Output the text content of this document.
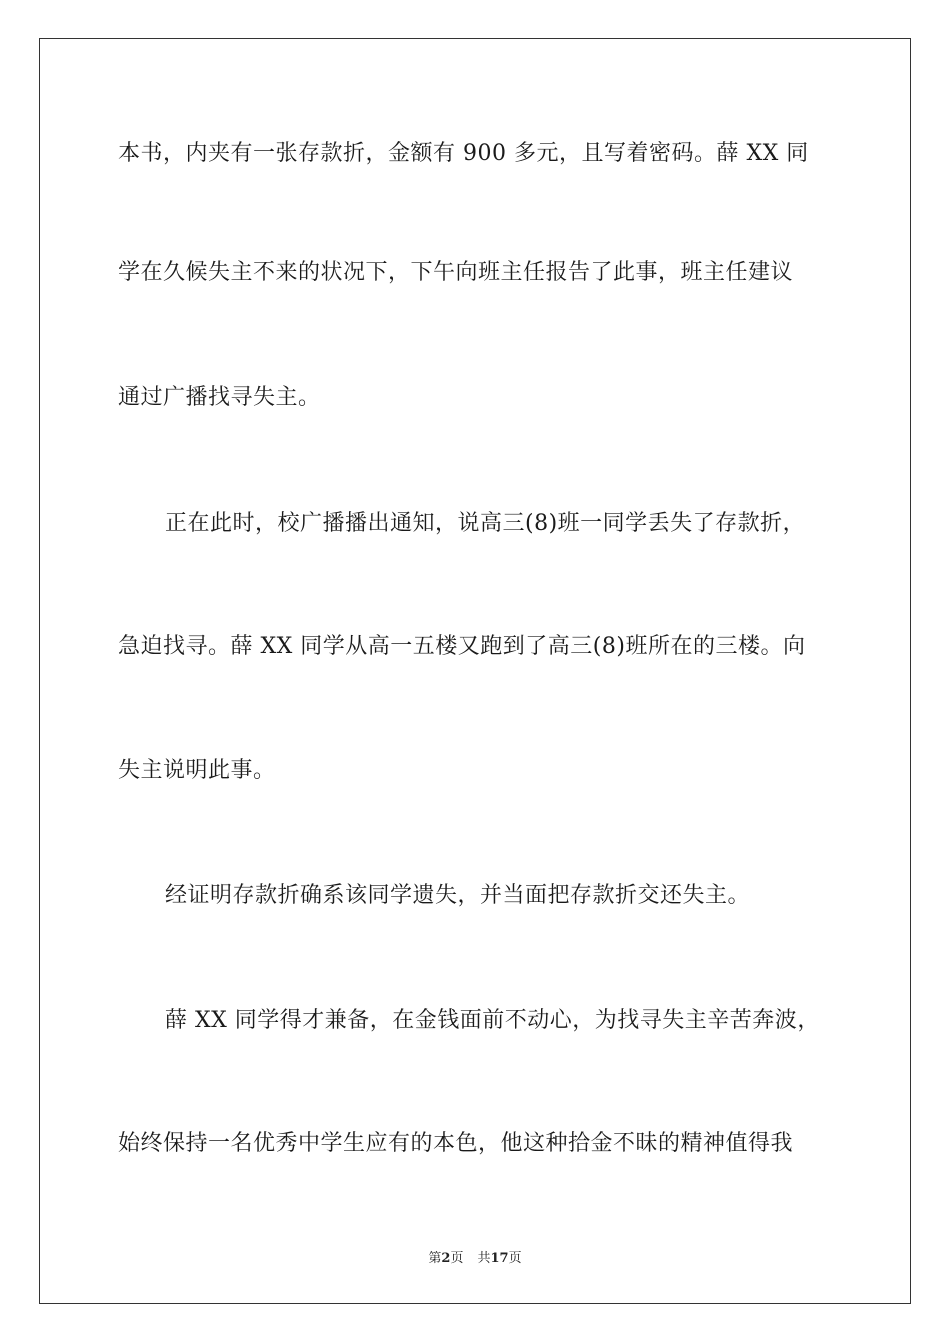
本书，内夹有一张存款折，金额有 900 多元，且写着密码。薛 XX 同
学在久候失主不来的状况下，下午向班主任报告了此事，班主任建议
通过广播找寻失主。
正在此时，校广播播出通知，说高三(8)班一同学丢失了存款折，
急迫找寻。薛 XX 同学从高一五楼又跑到了高三(8)班所在的三楼。向
失主说明此事。
经证明存款折确系该同学遗失，并当面把存款折交还失主。
薛 XX 同学得才兼备，在金钱面前不动心，为找寻失主辛苦奔波，
始终保持一名优秀中学生应有的本色，他这种拾金不昧的精神值得我
第2页 共17页
